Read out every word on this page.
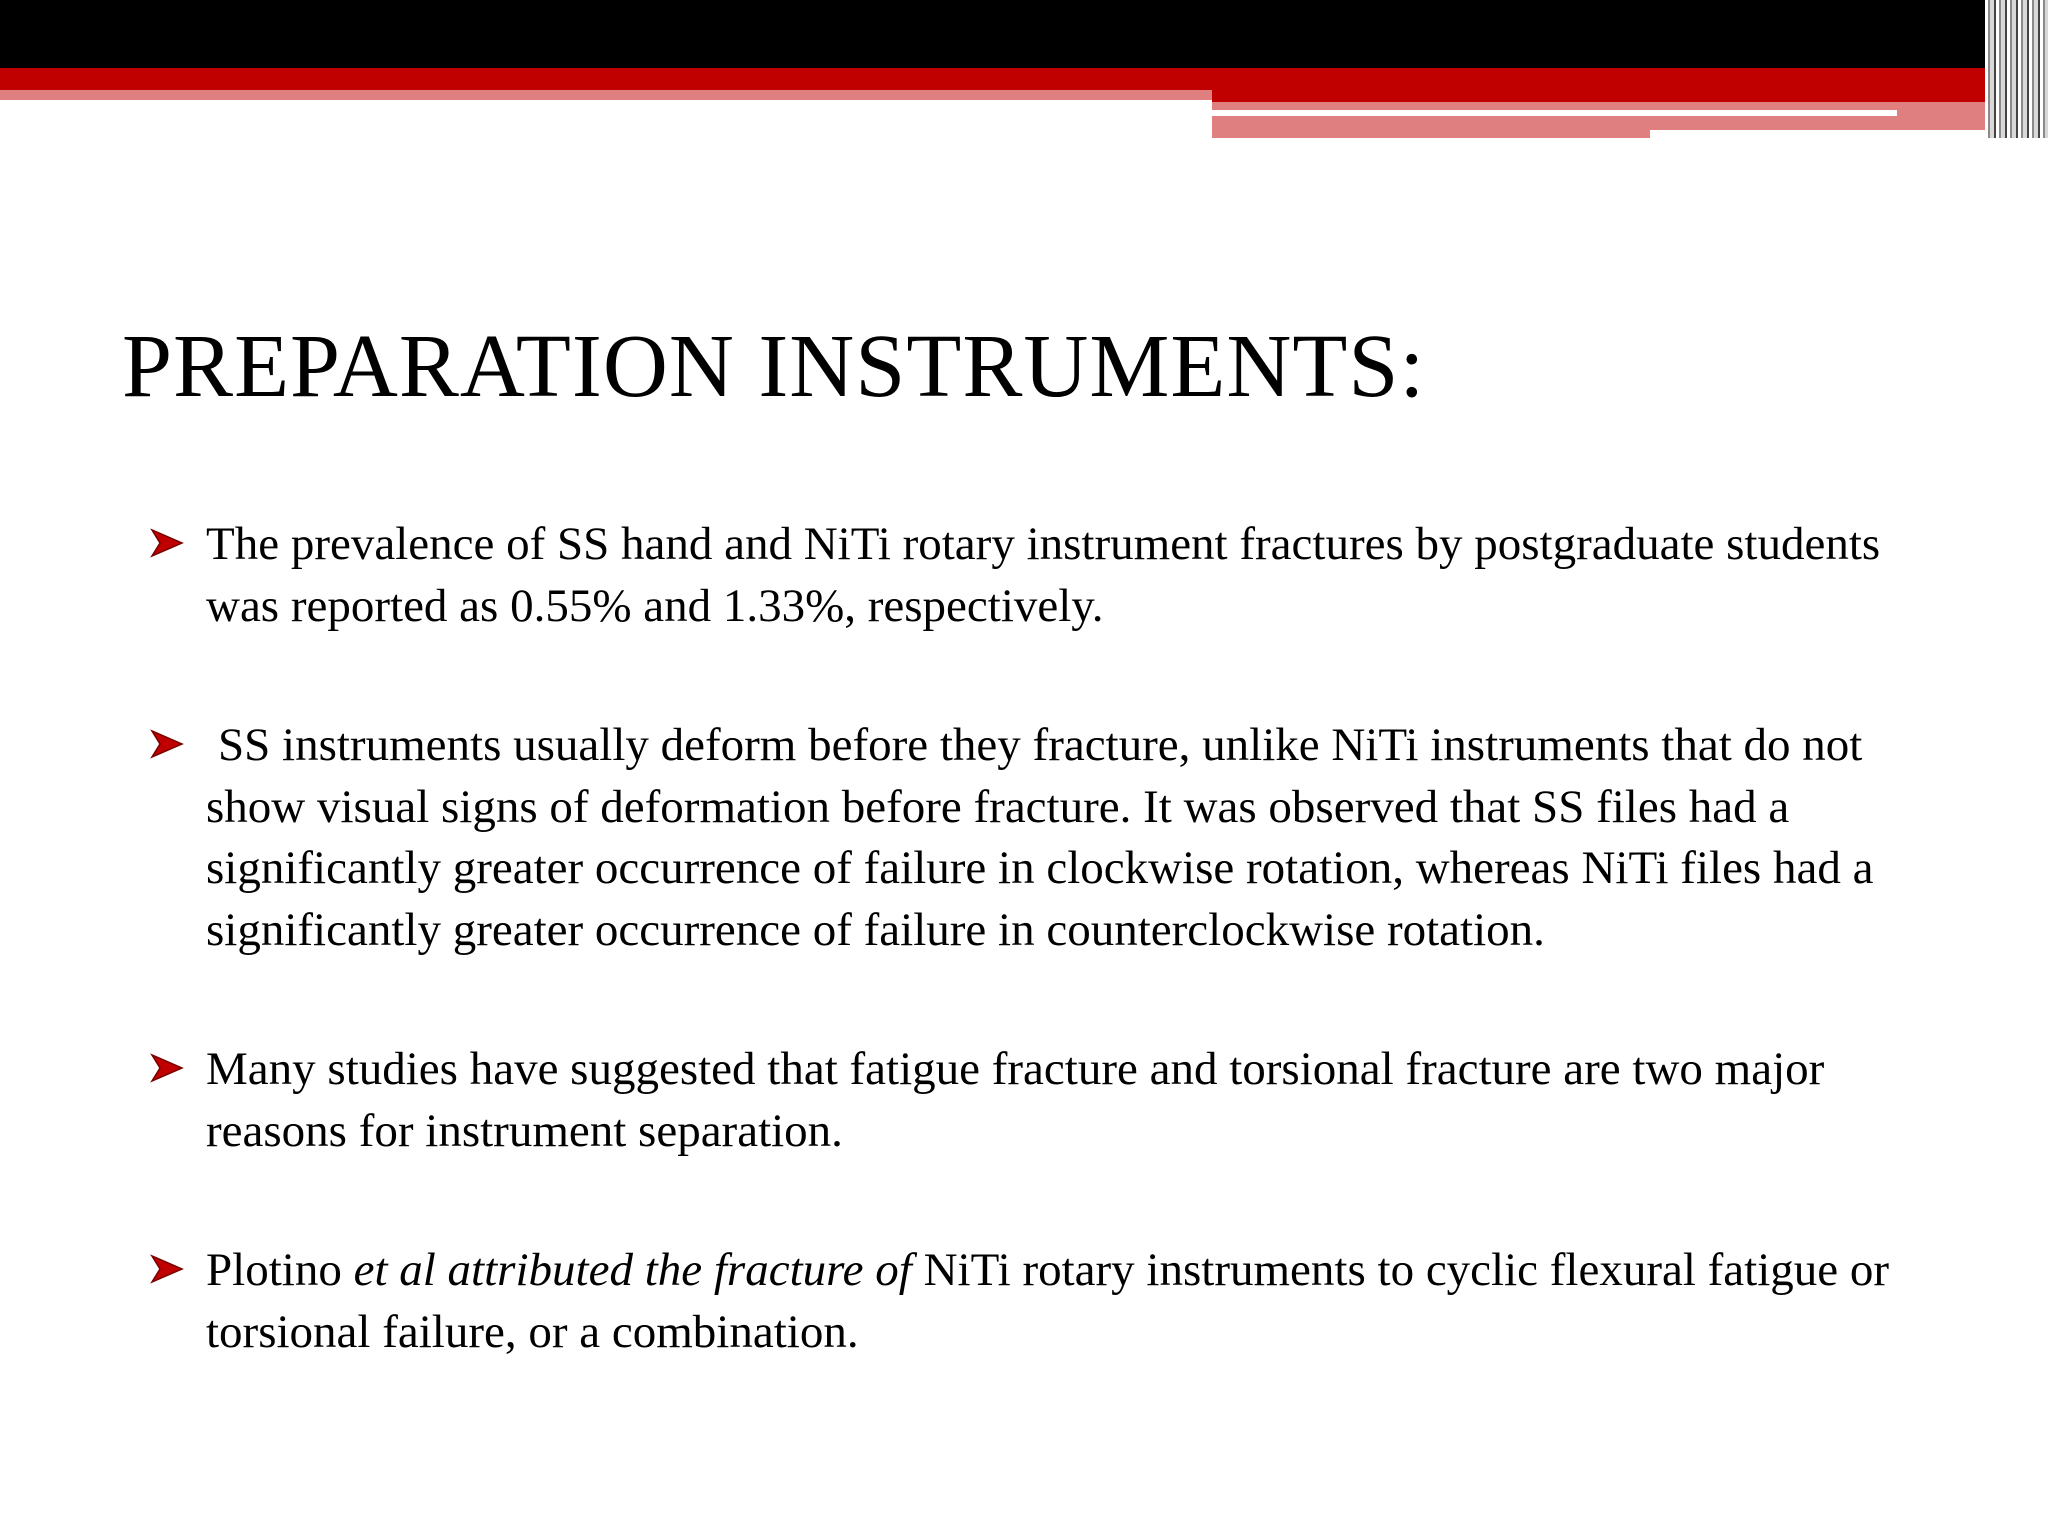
PREPARATION INSTRUMENTS:
The prevalence of SS hand and NiTi rotary instrument fractures by postgraduate students was reported as 0.55% and 1.33%, respectively.
SS instruments usually deform before they fracture, unlike NiTi instruments that do not show visual signs of deformation before fracture. It was observed that SS files had a significantly greater occurrence of failure in clockwise rotation, whereas NiTi files had a significantly greater occurrence of failure in counterclockwise rotation.
Many studies have suggested that fatigue fracture and torsional fracture are two major reasons for instrument separation.
Plotino et al attributed the fracture of NiTi rotary instruments to cyclic flexural fatigue or torsional failure, or a combination.
